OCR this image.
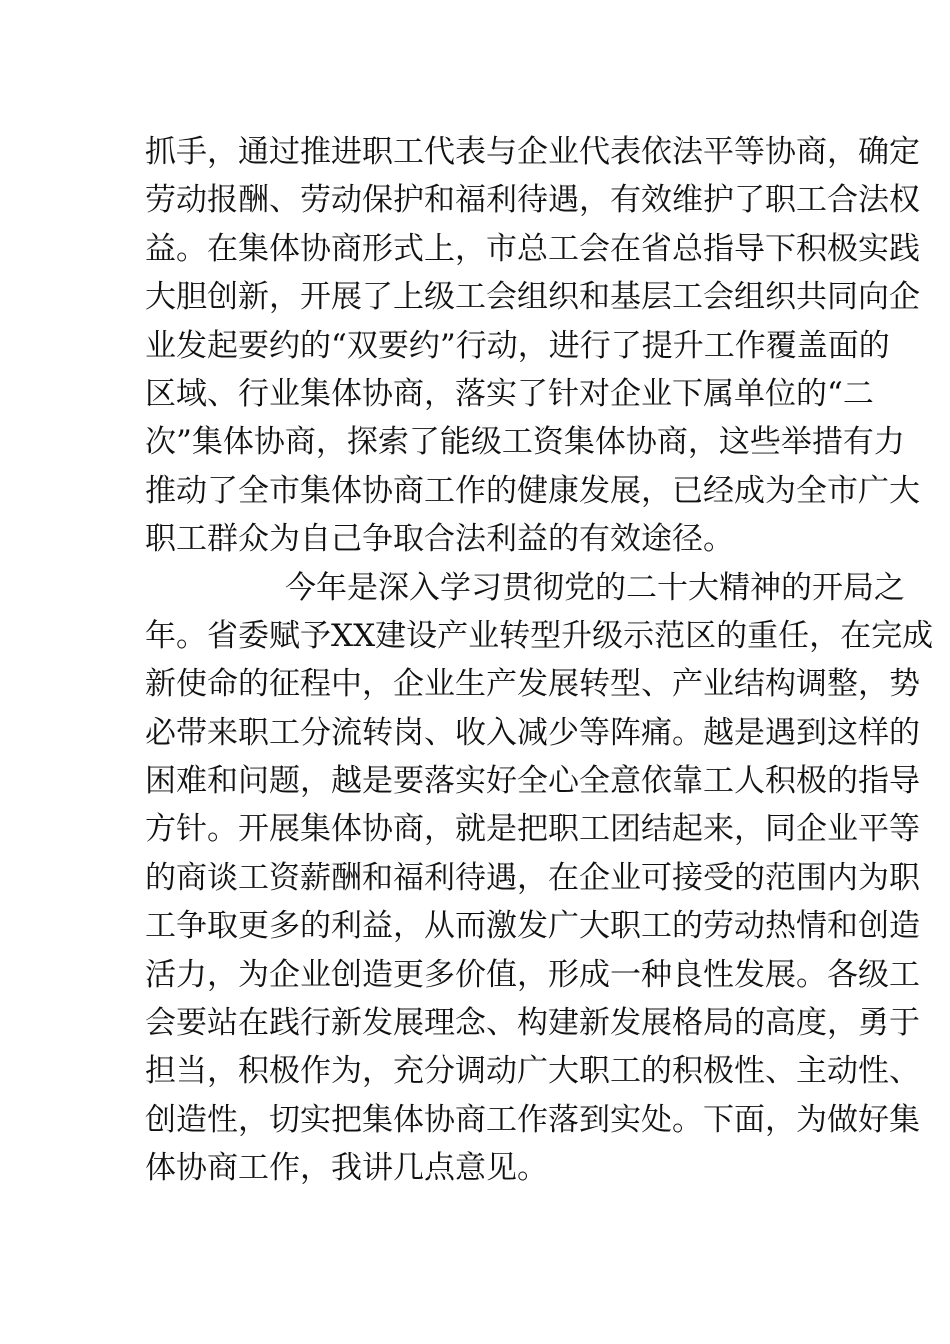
抓手，通过推进职工代表与企业代表依法平等协商，确定
劳动报酬、劳动保护和福利待遇，有效维护了职工合法权
益。在集体协商形式上，市总工会在省总指导下积极实践
大胆创新，开展了上级工会组织和基层工会组织共同向企
业发起要约的“双要约”行动，进行了提升工作覆盖面的
区域、行业集体协商，落实了针对企业下属单位的“二
次”集体协商，探索了能级工资集体协商，这些举措有力
推动了全市集体协商工作的健康发展，已经成为全市广大
职工群众为自己争取合法利益的有效途径。
今年是深入学习贯彻党的二十大精神的开局之
年。省委赋予XX建设产业转型升级示范区的重任，在完成
新使命的征程中，企业生产发展转型、产业结构调整，势
必带来职工分流转岗、收入减少等阵痛。越是遇到这样的
困难和问题，越是要落实好全心全意依靠工人积极的指导
方针。开展集体协商，就是把职工团结起来，同企业平等
的商谈工资薪酬和福利待遇，在企业可接受的范围内为职
工争取更多的利益，从而激发广大职工的劳动热情和创造
活力，为企业创造更多价值，形成一种良性发展。各级工
会要站在践行新发展理念、构建新发展格局的高度，勇于
担当，积极作为，充分调动广大职工的积极性、主动性、
创造性，切实把集体协商工作落到实处。下面，为做好集
体协商工作，我讲几点意见。
